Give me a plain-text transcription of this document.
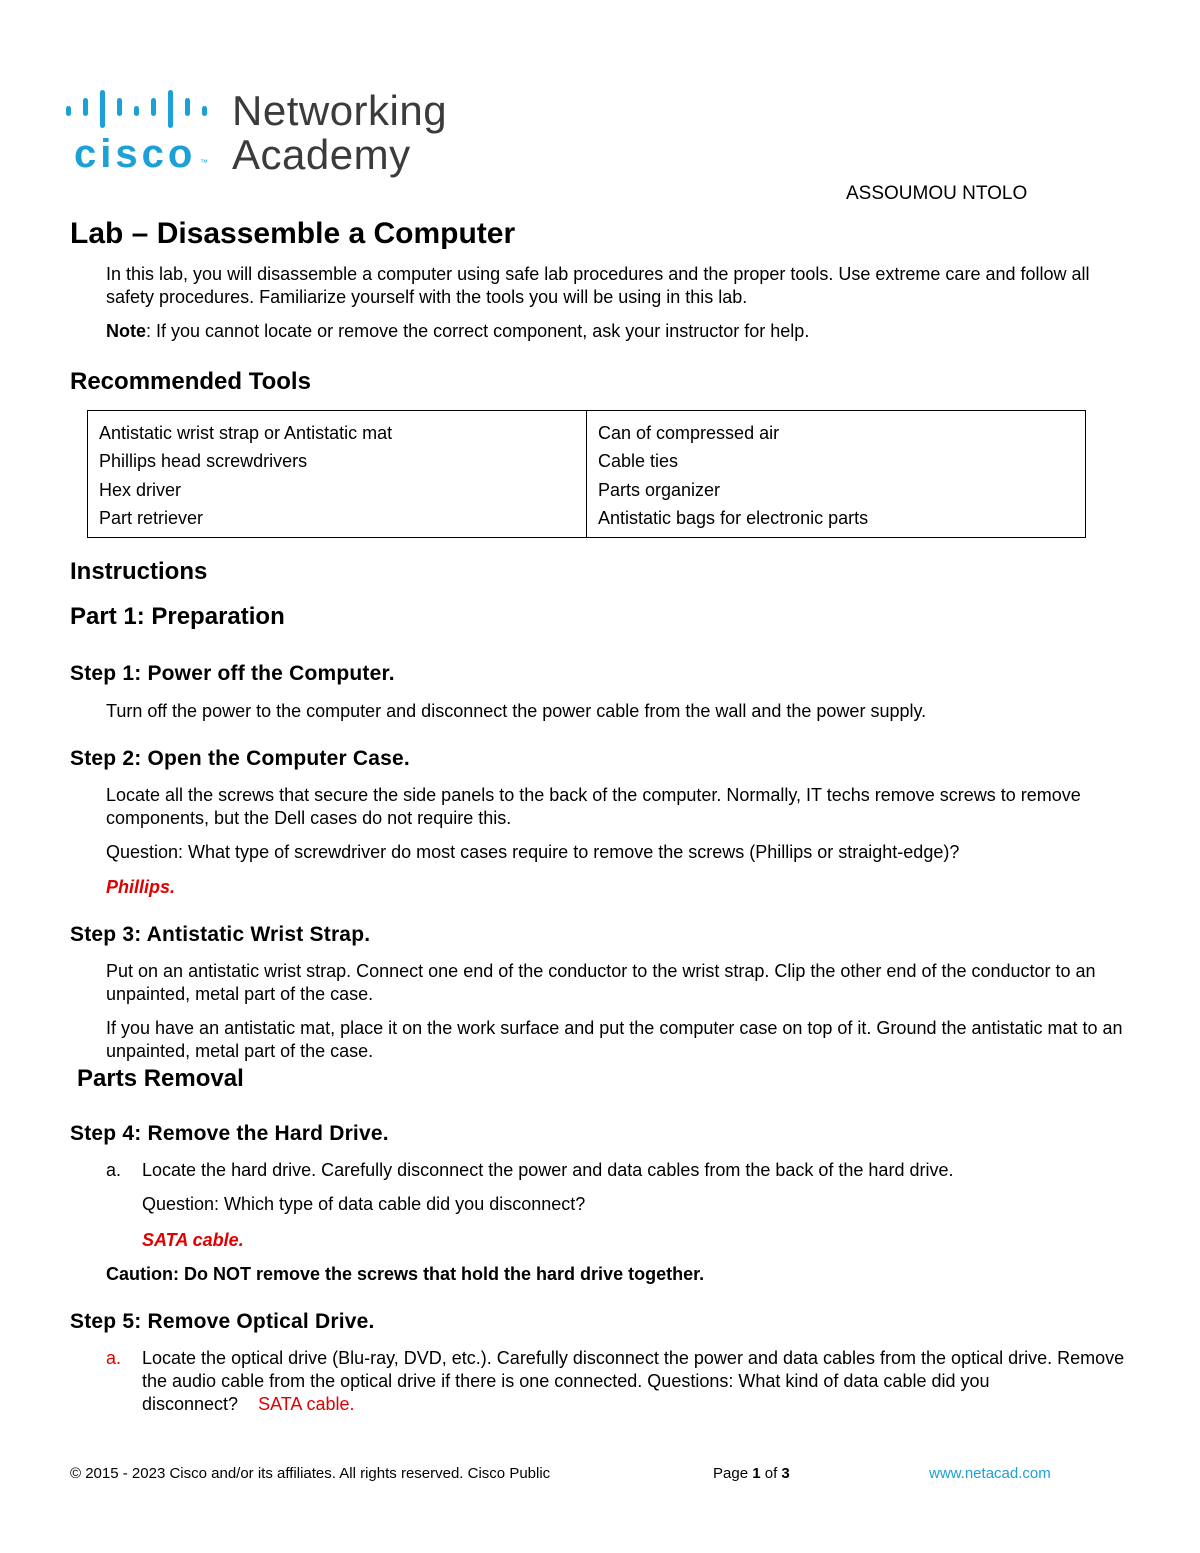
cisco ™
Networking
Academy
ASSOUMOU NTOLO
Lab – Disassemble a Computer

In this lab, you will disassemble a computer using safe lab procedures and the proper tools. Use extreme care and follow all safety procedures. Familiarize yourself with the tools you will be using in this lab.

Note: If you cannot locate or remove the correct component, ask your instructor for help.

Recommended Tools
Antistatic wrist strap or Antistatic mat	Can of compressed air
Phillips head screwdrivers	Cable ties
Hex driver	Parts organizer
Part retriever	Antistatic bags for electronic parts
Instructions
Part 1: Preparation
Step 1: Power off the Computer.

Turn off the power to the computer and disconnect the power cable from the wall and the power supply.

Step 2: Open the Computer Case.

Locate all the screws that secure the side panels to the back of the computer. Normally, IT techs remove screws to remove components, but the Dell cases do not require this.

Question: What type of screwdriver do most cases require to remove the screws (Phillips or straight-edge)?

Phillips.
Step 3: Antistatic Wrist Strap.

Put on an antistatic wrist strap. Connect one end of the conductor to the wrist strap. Clip the other end of the conductor to an unpainted, metal part of the case.

If you have an antistatic mat, place it on the work surface and put the computer case on top of it. Ground the antistatic mat to an unpainted, metal part of the case.

Parts Removal
Step 4: Remove the Hard Drive.
a. Locate the hard drive. Carefully disconnect the power and data cables from the back of the hard drive.

Question: Which type of data cable did you disconnect?

SATA cable.
Caution: Do NOT remove the screws that hold the hard drive together.
Step 5: Remove Optical Drive.
a. Locate the optical drive (Blu-ray, DVD, etc.). Carefully disconnect the power and data cables from the optical drive. Remove the audio cable from the optical drive if there is one connected. Questions: What kind of data cable did you disconnect? SATA cable.

© 2015 - 2023 Cisco and/or its affiliates. All rights reserved. Cisco Public	Page 1 of 3	www.netacad.com
